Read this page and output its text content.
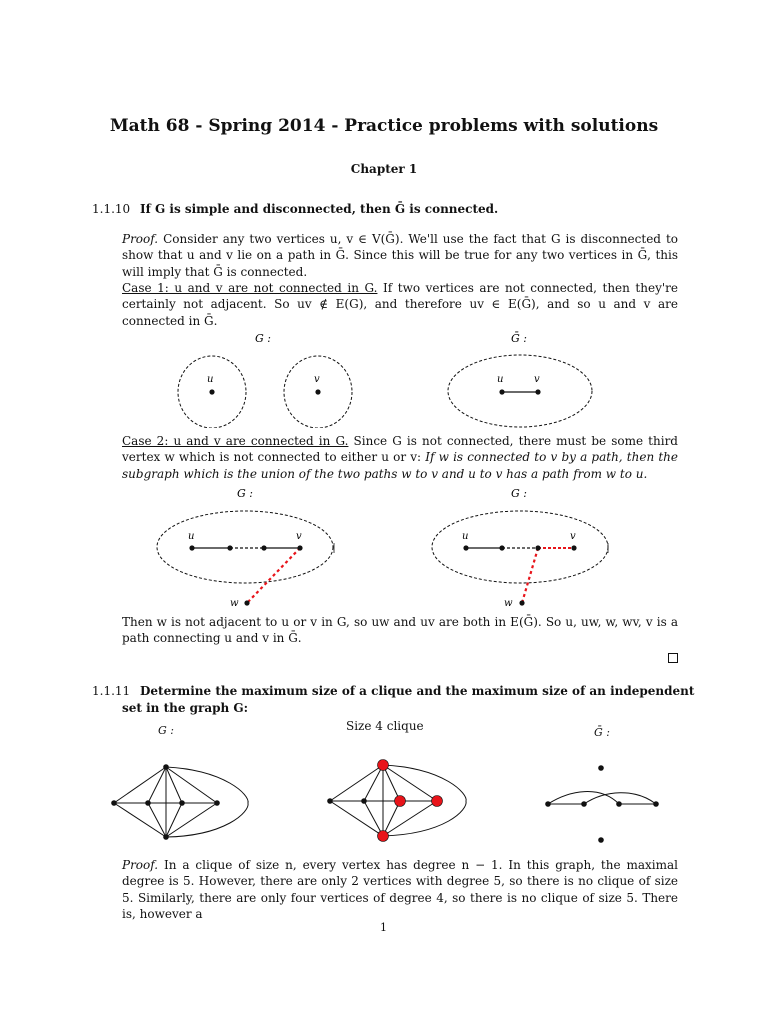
Math 68 - Spring 2014 - Practice problems with solutions
Chapter 1
1.1.10 If G is simple and disconnected, then Ḡ is connected.
Proof. Consider any two vertices u, v ∈ V(Ḡ). We'll use the fact that G is disconnected to show that u and v lie on a path in Ḡ. Since this will be true for any two vertices in Ḡ, this will imply that Ḡ is connected.
Case 1: u and v are not connected in G. If two vertices are not connected, then they're certainly not adjacent. So uv ∉ E(G), and therefore uv ∈ E(Ḡ), and so u and v are connected in Ḡ.
G :	Ḡ :
u	v	u	v
Case 2: u and v are connected in G. Since G is not connected, there must be some third vertex w which is not connected to either u or v: If w is connected to v by a path, then the subgraph which is the union of the two paths w to v and u to v has a path from w to u.
G :	G :
u	v
w
u	v
w
Then w is not adjacent to u or v in G, so uw and uv are both in E(Ḡ). So u, uw, w, wv, v is a path connecting u and v in Ḡ.
1.1.11 Determine the maximum size of a clique and the maximum size of an independent
set in the graph G:
G :	Size 4 clique	Ḡ :
Proof. In a clique of size n, every vertex has degree n − 1. In this graph, the maximal degree is 5. However, there are only 2 vertices with degree 5, so there is no clique of size 5. Similarly, there are only four vertices of degree 4, so there is no clique of size 5. There is, however a
1
